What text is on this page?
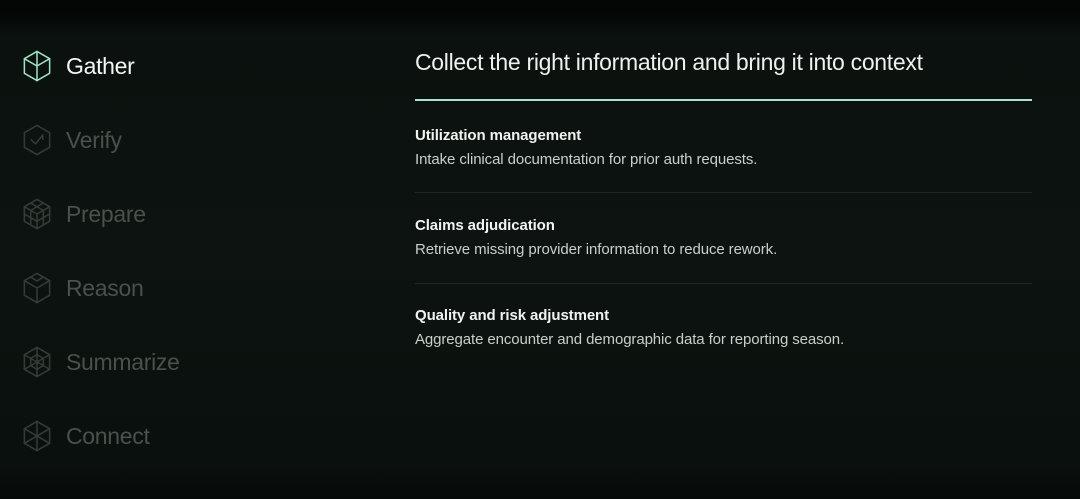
Gather
Verify
Prepare
Reason
Summarize
Connect
Collect the right information and bring it into context
Utilization management
Intake clinical documentation for prior auth requests.
Claims adjudication
Retrieve missing provider information to reduce rework.
Quality and risk adjustment
Aggregate encounter and demographic data for reporting season.
